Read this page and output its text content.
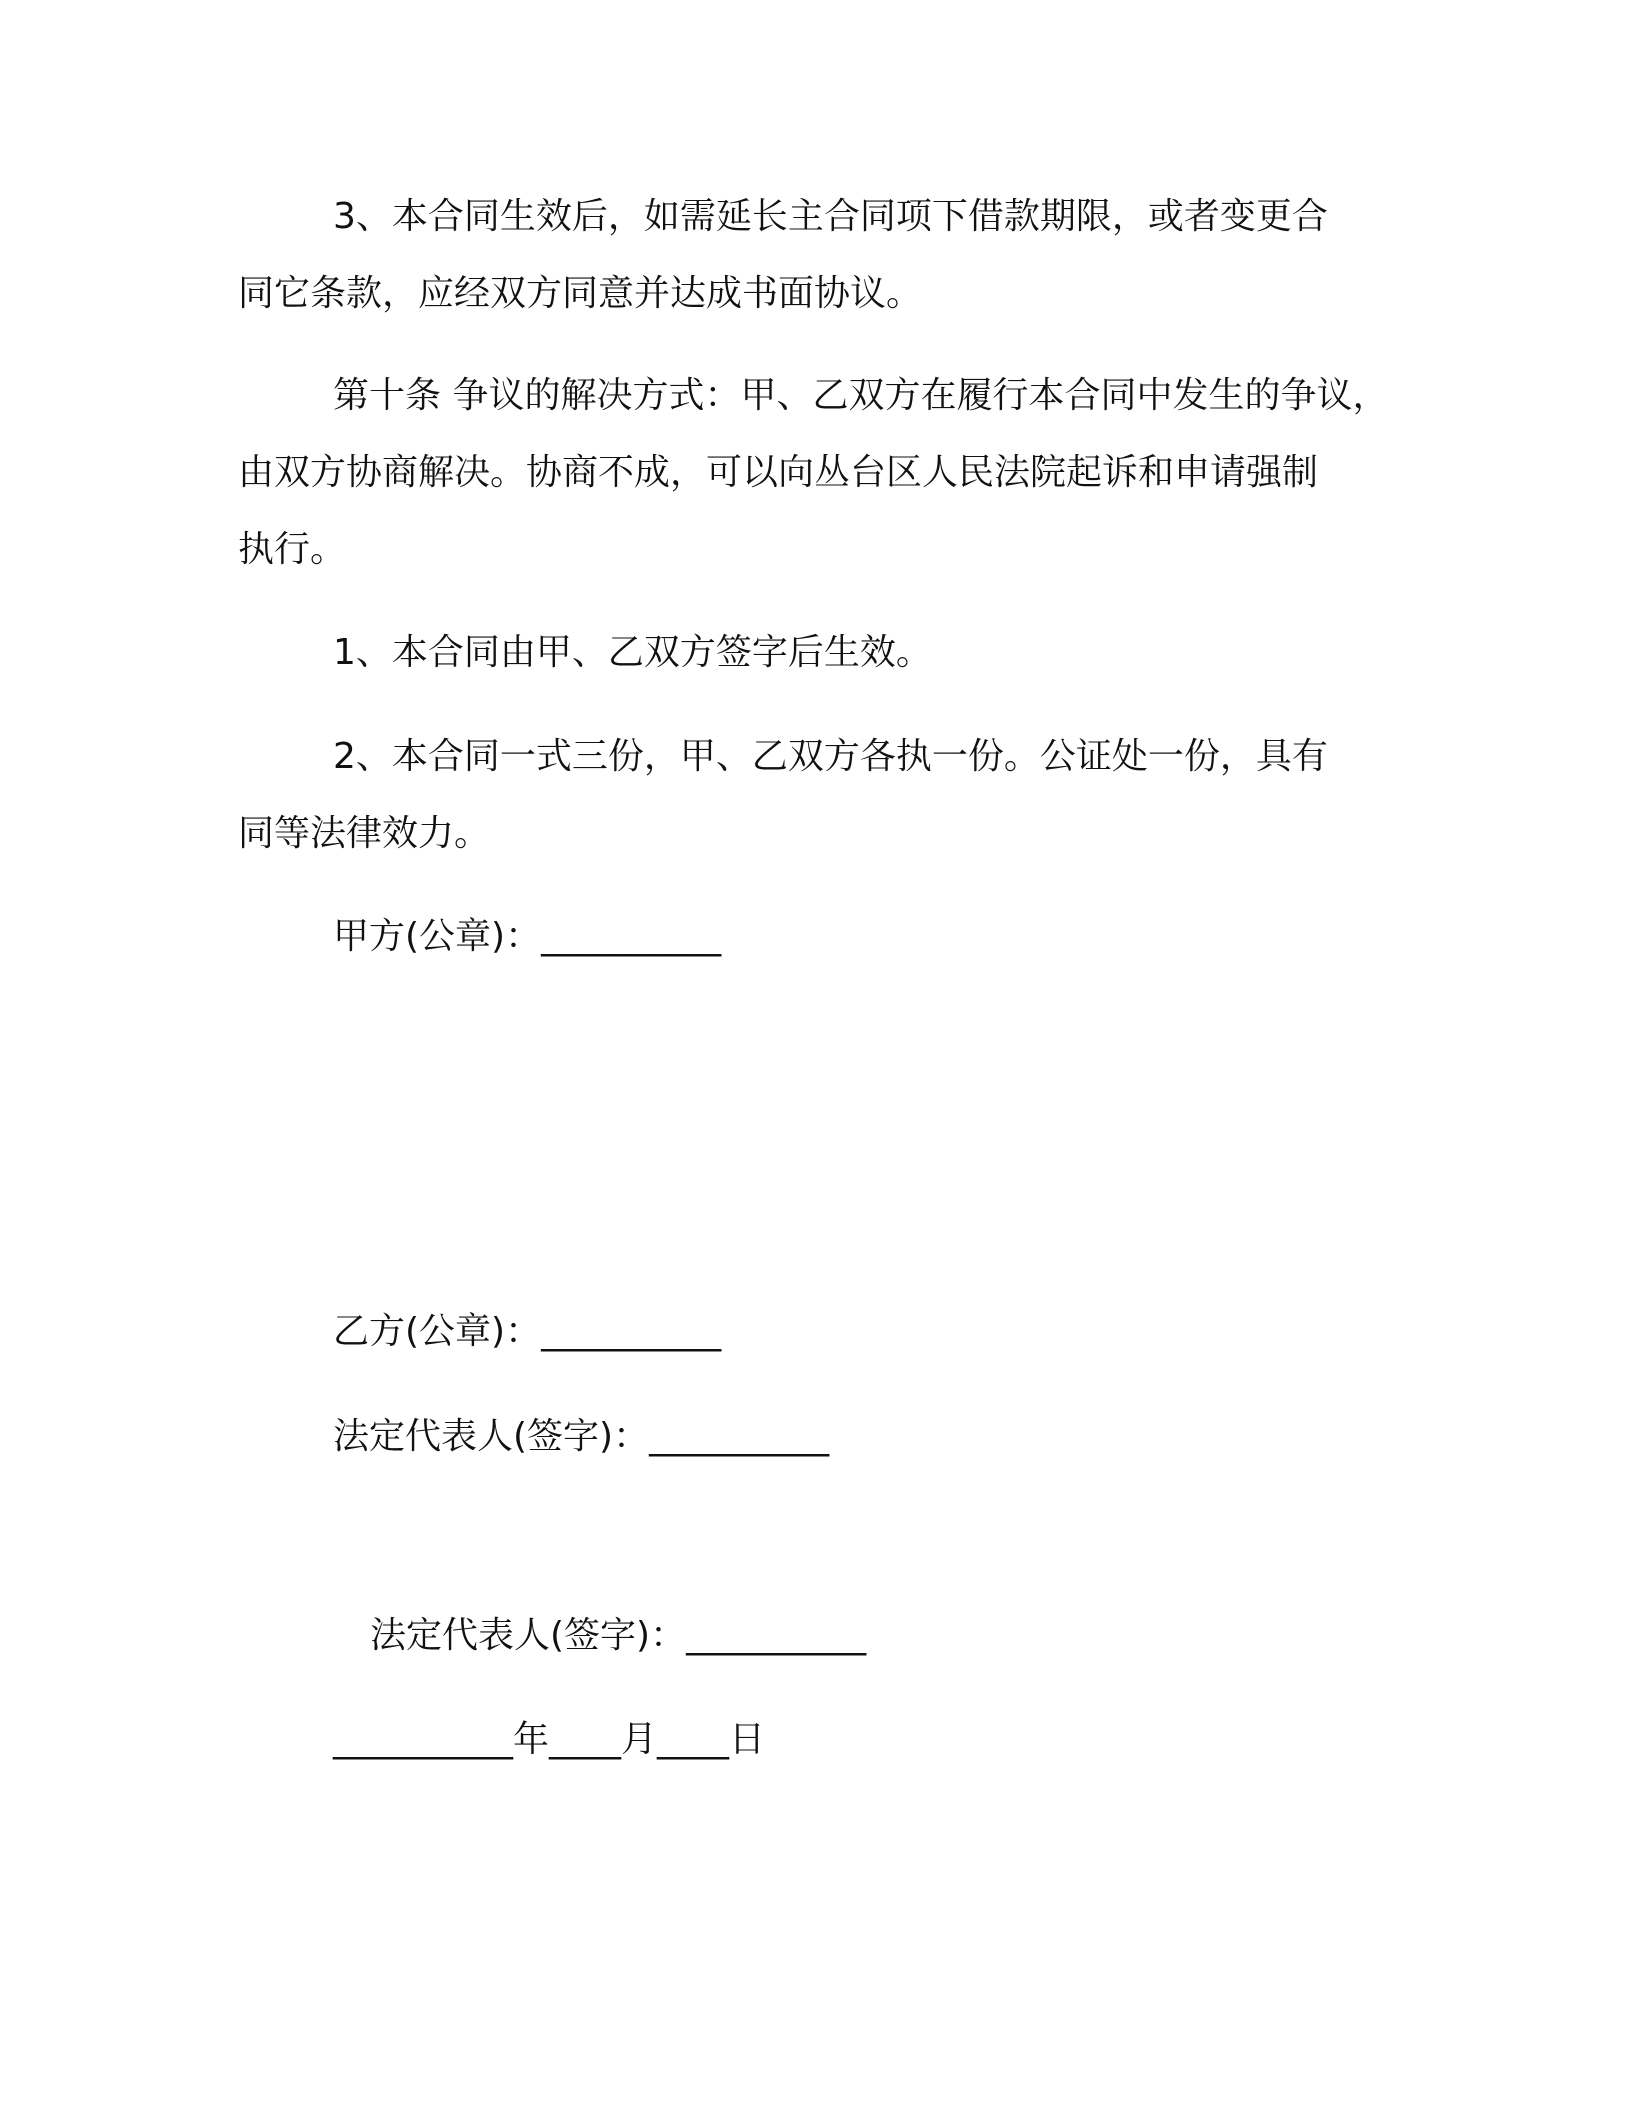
3、本合同生效后，如需延长主合同项下借款期限，或者变更合
同它条款，应经双方同意并达成书面协议。
第十条 争议的解决方式：甲、乙双方在履行本合同中发生的争议，
由双方协商解决。协商不成，可以向丛台区人民法院起诉和申请强制
执行。
1、本合同由甲、乙双方签字后生效。
2、本合同一式三份，甲、乙双方各执一份。公证处一份，具有
同等法律效力。
甲方(公章)：__________
乙方(公章)：__________
法定代表人(签字)：__________
法定代表人(签字)：__________
__________年____月____日
